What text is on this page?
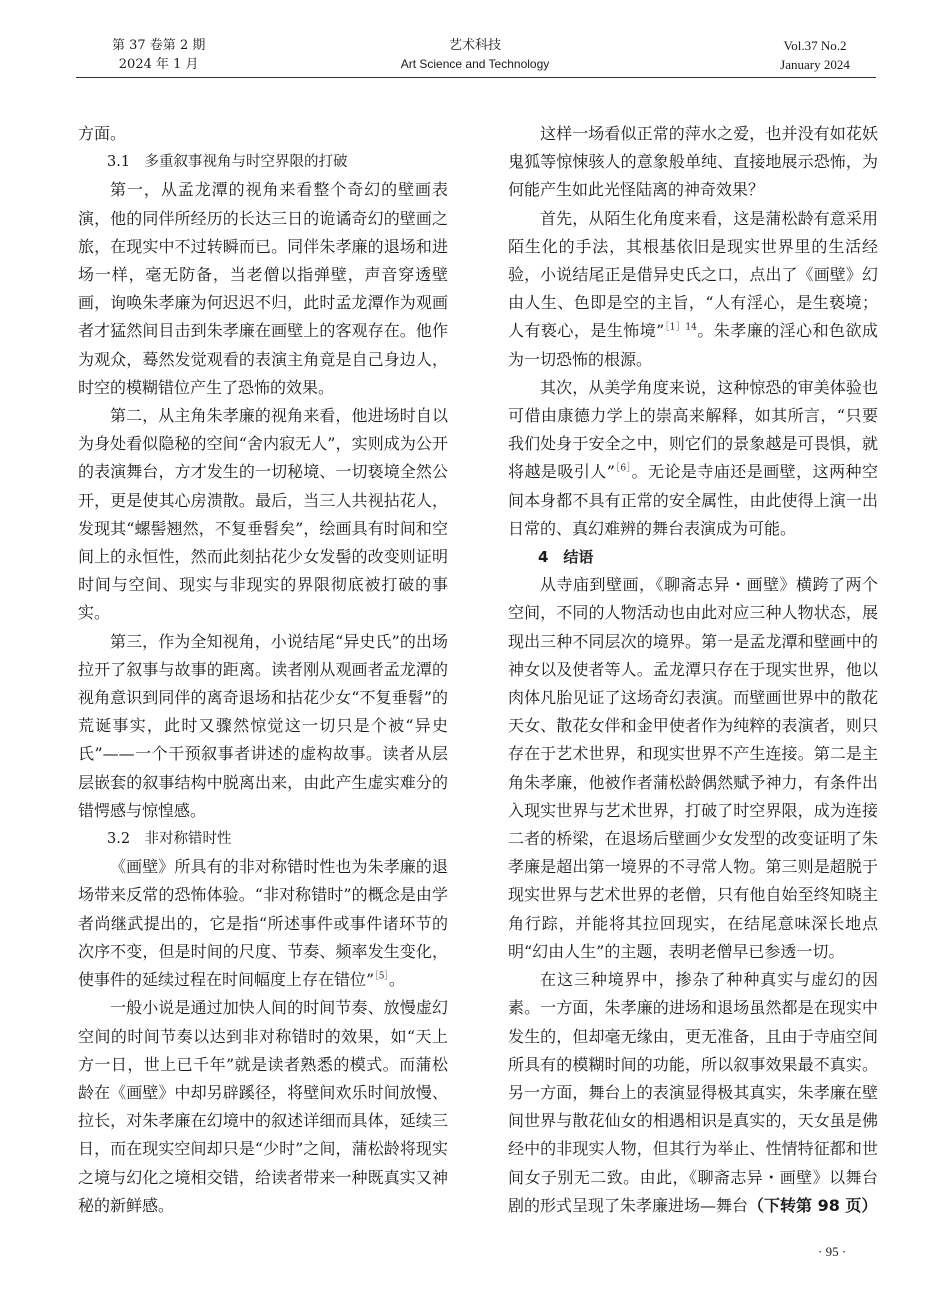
第 37 卷第 2 期
2024 年 1 月
艺术科技
Art Science and Technology
Vol.37 No.2
January 2024

方面。

3.1　多重叙事视角与时空界限的打破

第一，从孟龙潭的视角来看整个奇幻的壁画表演，他的同伴所经历的长达三日的诡谲奇幻的壁画之旅，在现实中不过转瞬而已。同伴朱孝廉的退场和进场一样，毫无防备，当老僧以指弹壁，声音穿透壁画，询唤朱孝廉为何迟迟不归，此时孟龙潭作为观画者才猛然间目击到朱孝廉在画壁上的客观存在。他作为观众，蓦然发觉观看的表演主角竟是自己身边人，时空的模糊错位产生了恐怖的效果。

第二，从主角朱孝廉的视角来看，他进场时自以为身处看似隐秘的空间“舍内寂无人”，实则成为公开的表演舞台，方才发生的一切秘境、一切亵境全然公开，更是使其心房溃散。最后，当三人共视拈花人，发现其“螺髻翘然，不复垂髫矣”，绘画具有时间和空间上的永恒性，然而此刻拈花少女发髻的改变则证明时间与空间、现实与非现实的界限彻底被打破的事实。

第三，作为全知视角，小说结尾“异史氏”的出场拉开了叙事与故事的距离。读者刚从观画者孟龙潭的视角意识到同伴的离奇退场和拈花少女“不复垂髫”的荒诞事实，此时又骤然惊觉这一切只是个被“异史氏”——一个干预叙事者讲述的虚构故事。读者从层层嵌套的叙事结构中脱离出来，由此产生虚实难分的错愕感与惊惶感。

3.2　非对称错时性

《画壁》所具有的非对称错时性也为朱孝廉的退场带来反常的恐怖体验。“非对称错时”的概念是由学者尚继武提出的，它是指“所述事件或事件诸环节的次序不变，但是时间的尺度、节奏、频率发生变化，使事件的延续过程在时间幅度上存在错位”$^{[5]}$。

一般小说是通过加快人间的时间节奏、放慢虚幻空间的时间节奏以达到非对称错时的效果，如“天上方一日，世上已千年”就是读者熟悉的模式。而蒲松龄在《画壁》中却另辟蹊径，将壁间欢乐时间放慢、拉长，对朱孝廉在幻境中的叙述详细而具体，延续三日，而在现实空间却只是“少时”之间，蒲松龄将现实之境与幻化之境相交错，给读者带来一种既真实又神秘的新鲜感。

这样一场看似正常的萍水之爱，也并没有如花妖鬼狐等惊悚骇人的意象般单纯、直接地展示恐怖，为何能产生如此光怪陆离的神奇效果？

首先，从陌生化角度来看，这是蒲松龄有意采用陌生化的手法，其根基依旧是现实世界里的生活经验，小说结尾正是借异史氏之口，点出了《画壁》幻由人生、色即是空的主旨，“人有淫心，是生亵境；人有亵心，是生怖境”$^{[1]14}$。朱孝廉的淫心和色欲成为一切恐怖的根源。

其次，从美学角度来说，这种惊恐的审美体验也可借由康德力学上的崇高来解释，如其所言，“只要我们处身于安全之中，则它们的景象越是可畏惧，就将越是吸引人”$^{[6]}$。无论是寺庙还是画壁，这两种空间本身都不具有正常的安全属性，由此使得上演一出日常的、真幻难辨的舞台表演成为可能。

4　结语

从寺庙到壁画，《聊斋志异・画壁》横跨了两个空间，不同的人物活动也由此对应三种人物状态，展现出三种不同层次的境界。第一是孟龙潭和壁画中的神女以及使者等人。孟龙潭只存在于现实世界，他以肉体凡胎见证了这场奇幻表演。而壁画世界中的散花天女、散花女伴和金甲使者作为纯粹的表演者，则只存在于艺术世界，和现实世界不产生连接。第二是主角朱孝廉，他被作者蒲松龄偶然赋予神力，有条件出入现实世界与艺术世界，打破了时空界限，成为连接二者的桥梁，在退场后壁画少女发型的改变证明了朱孝廉是超出第一境界的不寻常人物。第三则是超脱于现实世界与艺术世界的老僧，只有他自始至终知晓主角行踪，并能将其拉回现实，在结尾意味深长地点明“幻由人生”的主题，表明老僧早已参透一切。

在这三种境界中，掺杂了种种真实与虚幻的因素。一方面，朱孝廉的进场和退场虽然都是在现实中发生的，但却毫无缘由，更无准备，且由于寺庙空间所具有的模糊时间的功能，所以叙事效果最不真实。另一方面，舞台上的表演显得极其真实，朱孝廉在壁间世界与散花仙女的相遇相识是真实的，天女虽是佛经中的非现实人物，但其行为举止、性情特征都和世间女子别无二致。由此，《聊斋志异・画壁》以舞台剧的形式呈现了朱孝廉进场—舞台（下转第 98 页）

· 95 ·
